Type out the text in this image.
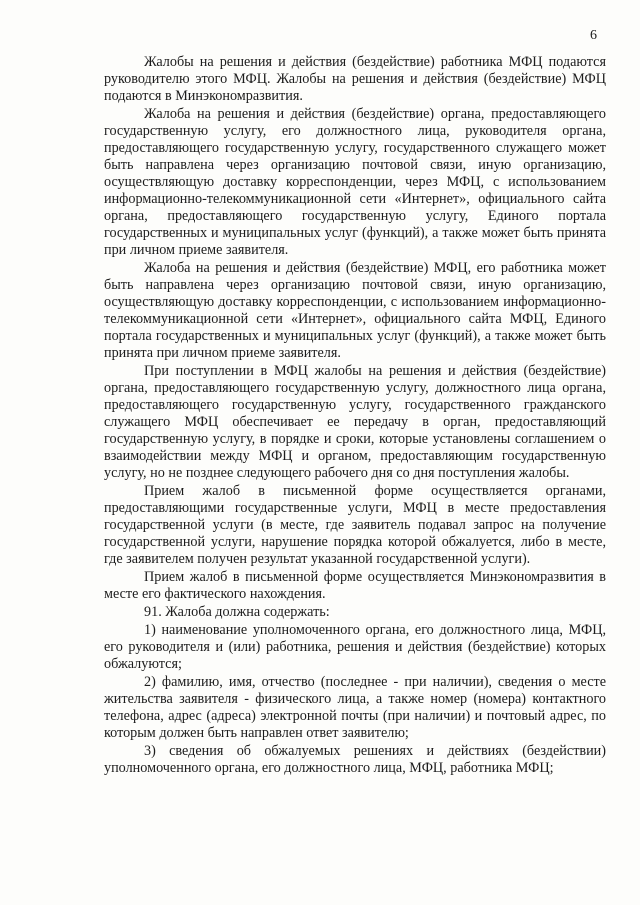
6

Жалобы на решения и действия (бездействие) работника МФЦ подаются руководителю этого МФЦ. Жалобы на решения и действия (бездействие) МФЦ подаются в Минэкономразвития.

Жалоба на решения и действия (бездействие) органа, предоставляющего государственную услугу, его должностного лица, руководителя органа, предоставляющего государственную услугу, государственного служащего может быть направлена через организацию почтовой связи, иную организацию, осуществляющую доставку корреспонденции, через МФЦ, с использованием информационно-телекоммуникационной сети «Интернет», официального сайта органа, предоставляющего государственную услугу, Единого портала государственных и муниципальных услуг (функций), а также может быть принята при личном приеме заявителя.

Жалоба на решения и действия (бездействие) МФЦ, его работника может быть направлена через организацию почтовой связи, иную организацию, осуществляющую доставку корреспонденции, с использованием информационно-телекоммуникационной сети «Интернет», официального сайта МФЦ, Единого портала государственных и муниципальных услуг (функций), а также может быть принята при личном приеме заявителя.

При поступлении в МФЦ жалобы на решения и действия (бездействие) органа, предоставляющего государственную услугу, должностного лица органа, предоставляющего государственную услугу, государственного гражданского служащего МФЦ обеспечивает ее передачу в орган, предоставляющий государственную услугу, в порядке и сроки, которые установлены соглашением о взаимодействии между МФЦ и органом, предоставляющим государственную услугу, но не позднее следующего рабочего дня со дня поступления жалобы.

Прием жалоб в письменной форме осуществляется органами, предоставляющими государственные услуги, МФЦ в месте предоставления государственной услуги (в месте, где заявитель подавал запрос на получение государственной услуги, нарушение порядка которой обжалуется, либо в месте, где заявителем получен результат указанной государственной услуги).

Прием жалоб в письменной форме осуществляется Минэкономразвития в месте его фактического нахождения.

91. Жалоба должна содержать:

1) наименование уполномоченного органа, его должностного лица, МФЦ, его руководителя и (или) работника, решения и действия (бездействие) которых обжалуются;

2) фамилию, имя, отчество (последнее - при наличии), сведения о месте жительства заявителя - физического лица, а также номер (номера) контактного телефона, адрес (адреса) электронной почты (при наличии) и почтовый адрес, по которым должен быть направлен ответ заявителю;

3) сведения об обжалуемых решениях и действиях (бездействии) уполномоченного органа, его должностного лица, МФЦ, работника МФЦ;
